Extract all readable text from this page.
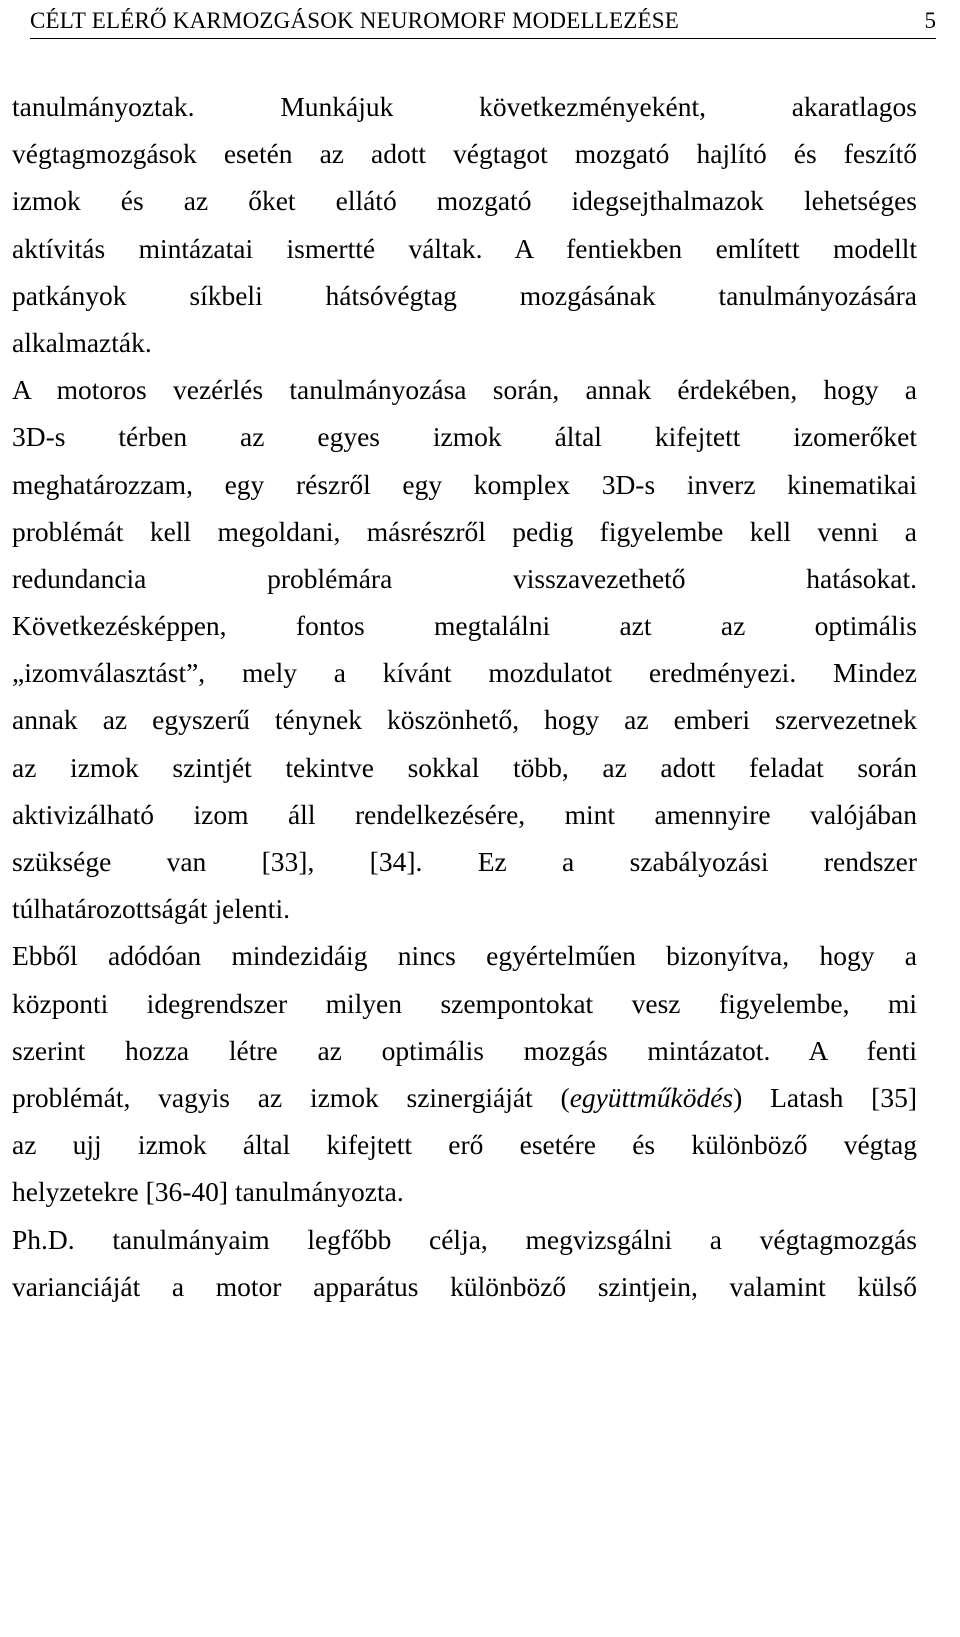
CÉLT ELÉRŐ KARMOZGÁSOK NEUROMORF MODELLEZÉSE	5
tanulmányoztak. Munkájuk következményeként, akaratlagos
végtagmozgások esetén az adott végtagot mozgató hajlító és feszítő
izmok és az őket ellátó mozgató idegsejthalmazok lehetséges
aktívitás mintázatai ismertté váltak. A fentiekben említett modellt
patkányok síkbeli hátsóvégtag mozgásának tanulmányozására
alkalmazták.
A motoros vezérlés tanulmányozása során, annak érdekében, hogy a
3D-s térben az egyes izmok által kifejtett izomerőket
meghatározzam, egy részről egy komplex 3D-s inverz kinematikai
problémát kell megoldani, másrészről pedig figyelembe kell venni a
redundancia problémára visszavezethető hatásokat.
Következésképpen, fontos megtalálni azt az optimális
„izomválasztást”, mely a kívánt mozdulatot eredményezi. Mindez
annak az egyszerű ténynek köszönhető, hogy az emberi szervezetnek
az izmok szintjét tekintve sokkal több, az adott feladat során
aktivizálható izom áll rendelkezésére, mint amennyire valójában
szüksége van [33], [34]. Ez a szabályozási rendszer
túlhatározottságát jelenti.
Ebből adódóan mindezidáig nincs egyértelműen bizonyítva, hogy a
központi idegrendszer milyen szempontokat vesz figyelembe, mi
szerint hozza létre az optimális mozgás mintázatot. A fenti
problémát, vagyis az izmok szinergiáját (együttműködés) Latash [35]
az ujj izmok által kifejtett erő esetére és különböző végtag
helyzetekre [36-40] tanulmányozta.
Ph.D. tanulmányaim legfőbb célja, megvizsgálni a végtagmozgás
varianciáját a motor apparátus különböző szintjein, valamint külső
